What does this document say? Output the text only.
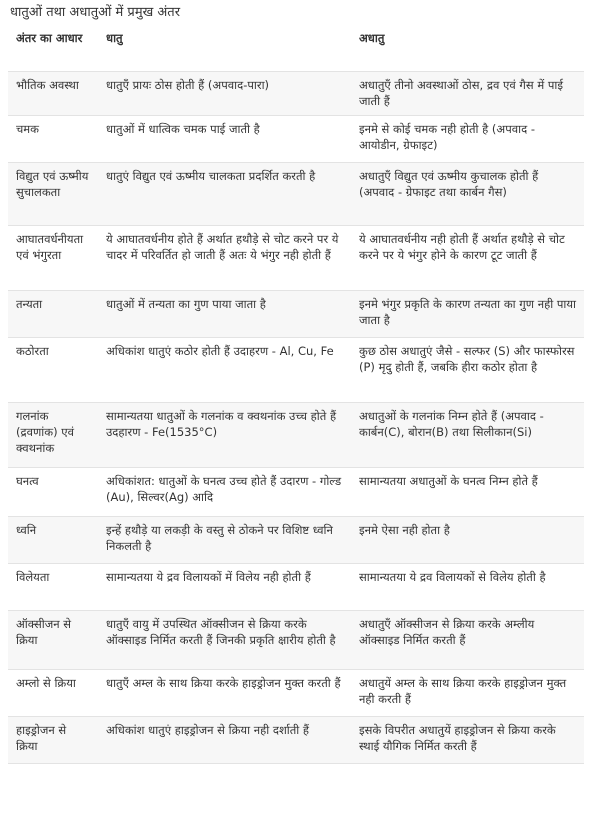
धातुओं तथा अधातुओं में प्रमुख अंतर
अंतर का आधार	धातु	अधातु
भौतिक अवस्था	धातुएँ प्रायः ठोस होती हैं (अपवाद-पारा)	अधातुएँ तीनो अवस्थाओं ठोस, द्रव एवं गैस में पाई जाती हैं
चमक	धातुओं में धात्विक चमक पाई जाती है	इनमे से कोई चमक नही होती है (अपवाद - आयोडीन, ग्रेफाइट)
विद्युत एवं ऊष्मीय सुचालकता	धातुएं विद्युत एवं ऊष्मीय चालकता प्रदर्शित करती है	अधातुएँ विद्युत एवं ऊष्मीय कुचालक होती हैं (अपवाद - ग्रेफाइट तथा कार्बन गैस)
आघातवर्धनीयता एवं भंगुरता	ये आघातवर्धनीय होते हैं अर्थात हथौड़े से चोट करने पर ये चादर में परिवर्तित हो जाती हैं अतः ये भंगुर नही होती हैं	ये आघातवर्धनीय नही होती हैं अर्थात हथौड़े से चोट करने पर ये भंगुर होने के कारण टूट जाती हैं
तन्यता	धातुओं में तन्यता का गुण पाया जाता है	इनमे भंगुर प्रकृति के कारण तन्यता का गुण नही पाया जाता है
कठोरता	अधिकांश धातुएं कठोर होती हैं उदाहरण - Al, Cu, Fe	कुछ ठोस अधातुएं जैसे - सल्फर (S) और फास्फोरस (P) मृदु होती हैं, जबकि हीरा कठोर होता है
गलनांक (द्रवणांक) एवं क्वथनांक	सामान्यतया धातुओं के गलनांक व क्वथनांक उच्च होते हैं उदहारण - Fe(1535°C)	अधातुओं के गलनांक निम्न होते हैं (अपवाद - कार्बन(C), बोरान(B) तथा सिलीकान(Si)
घनत्व	अधिकांशत: धातुओं के घनत्व उच्च होते हैं उदारण - गोल्ड (Au), सिल्वर(Ag) आदि	सामान्यतया अधातुओं के घनत्व निम्न होते हैं
ध्वनि	इन्हें हथौड़े या लकड़ी के वस्तु से ठोकने पर विशिष्ट ध्वनि निकलती है	इनमे ऐसा नही होता है
विलेयता	सामान्यतया ये द्रव विलायकों में विलेय नही होती हैं	सामान्यतया ये द्रव विलायकों से विलेय होती है
ऑक्सीजन से क्रिया	धातुएँ वायु में उपस्थित ऑक्सीजन से क्रिया करके ऑक्साइड निर्मित करती हैं जिनकी प्रकृति क्षारीय होती है	अधातुएँ ऑक्सीजन से क्रिया करके अम्लीय ऑक्साइड निर्मित करती हैं
अम्लो से क्रिया	धातुएँ अम्ल के साथ क्रिया करके हाइड्रोजन मुक्त करती हैं	अधातुयें अम्ल के साथ क्रिया करके हाइड्रोजन मुक्त नही करती हैं
हाइड्रोजन से क्रिया	अधिकांश धातुएं हाइड्रोजन से क्रिया नही दर्शाती हैं	इसके विपरीत अधातुयें हाइड्रोजन से क्रिया करके स्थाई यौगिक निर्मित करती हैं
